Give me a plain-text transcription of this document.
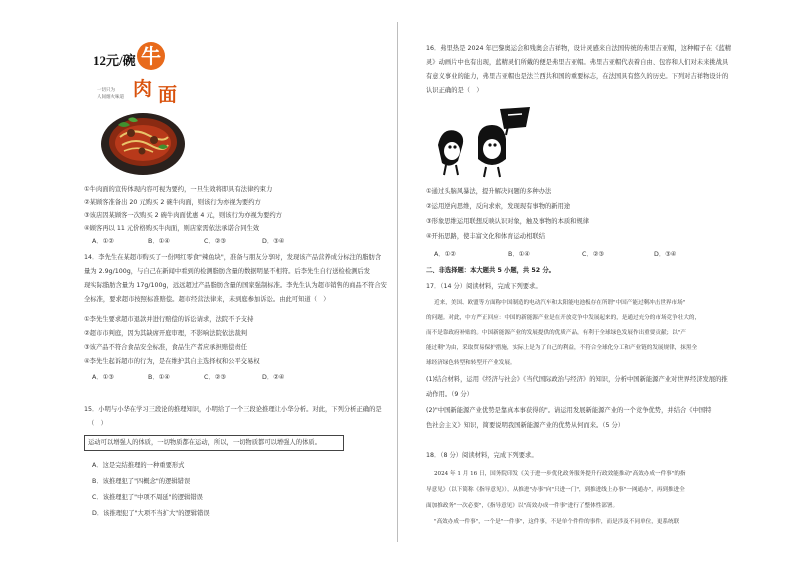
12元/碗 牛
肉 面
一切只为
人间烟火味道
①牛肉面的宣传体现内容可视为要约，一旦生效将即具有法律约束力
②某顾客准备出 20 元购买 2 碗牛肉面，则该行为亦视为要约方
③该店因某顾客一次购买 2 碗牛肉面优惠 4 元，则该行为亦视为要约方
④顾客再以 11 元价格购买牛肉面，则店家需依法承诺合同生效
A．①②	B．①④	C．②③	D．③④
14．李先生在某超市购买了一份网红零食"辣鱼块"，准备与朋友分享时，发现该产品营养成分标注的脂肪含
量为 2.9g/100g，与自己在新闻中看到的检测脂肪含量的数据明显不相符。后李先生自行送检检测后发
现实际脂肪含量为 17g/100g，远远超过产品脂肪含量的国家强制标准。李先生认为超市销售的商品不符合安
全标准，要求超市按照标准赔偿。超市经营法律来，未到庭参加诉讼。由此可知道（　）
①李先生要求超市退款并进行赔偿的诉讼请求，法院不予支持
②超市市判庭，因为其缺席开庭审理，不影响法院依法裁判
③该产品不符合食品安全标准，食品生产者应承担赔偿责任
④李先生起诉超市的行为，是在维护其自主选择权和公平交易权
A．①③	B．①④	C．②③	D．②④
15．小明与小华在学习三段论的推理知识，小明给了一个三段论推理让小华分析。对此，下列分析正确的是
（　）
运动可以增强人的体质，一切物质都在运动，所以，一切物质都可以增强人的体质。
A．这是完结推理的一种重要形式
B．该推理犯了"四概念"的逻辑错误
C．该推理犯了"中项不周延"的逻辑错误
D．该推理犯了"大项不当扩大"的逻辑错误
16．弗里热是 2024 年巴黎奥运会和残奥会吉祥物，设计灵感来自法国传统的弗里吉亚帽，这种帽子在《蓝精
灵》动画片中也有出现，蓝精灵们所戴的便是弗里吉亚帽。弗里吉亚帽代表着自由、包容和人们对未来挑战具
有意义事业的能力，弗里吉亚帽也是法兰西共和国的重要标志，在法国具有悠久的历史。下列对吉祥物设计的
认识正确的是（　）
①通过头脑风暴法，提升解决问题的多种办法
②运用逆向思维，反向求索，发现现有事物的新用途
③形象思维运用联想反映认识对象，触及事物的本质和规律
④开拓思路，使丰富文化和体育运动相联结
A．①②	B．①④	C．②③	D．③④
二、非选择题：本大题共 5 小题，共 52 分。
17．（14 分）阅读材料，完成下列要求。
近来，美国、欧盟等方面称中国制造的电动汽车和太阳能电池板存在所谓"中国产能过剩冲击世界市场"
的问题。对此，中方严正回应：中国的新能源产业是在开放竞争中发展起来的，是通过充分的市场竞争壮大的，
而不是靠政府补贴的。中国新能源产业的发展提供的优质产品，有利于全球绿色发展作出重要贡献；以"产
能过剩"为由，采取贸易保护措施，实际上是为了自己的利益，不符合全球化分工和产业链的发展规律，抹黑全
球经济绿色转型和转型开产业发展。
(1)结合材料，运用《经济与社会》《当代国际政治与经济》的知识，分析中国新能源产业对世界经济发展的推
动作用。（9 分）
(2)"中国新能源产业优势是靠真本事获得的"。请运用发展新能源产业的一个竞争优势，并结合《中国特
色社会主义》知识，简要说明我国新能源产业的优势从何而来。（5 分）
18．（8 分）阅读材料，完成下列要求。
2024 年 1 月 16 日，国务院印发《关于进一步优化政务服务提升行政效能推动"高效办成一件事"的指
导意见》（以下简称《指导意见》），从推进"办事"向"只进一门"，到推进线上办事"一网通办"，再到推进全
面加推政务"一次必要"，《指导意见》以"高效办成一件事"进行了整体性部署。
"高效办成一件事"，一个是"一件事"，这件事，不是单个件件的事件，而是涉及不同单位，更系统联
